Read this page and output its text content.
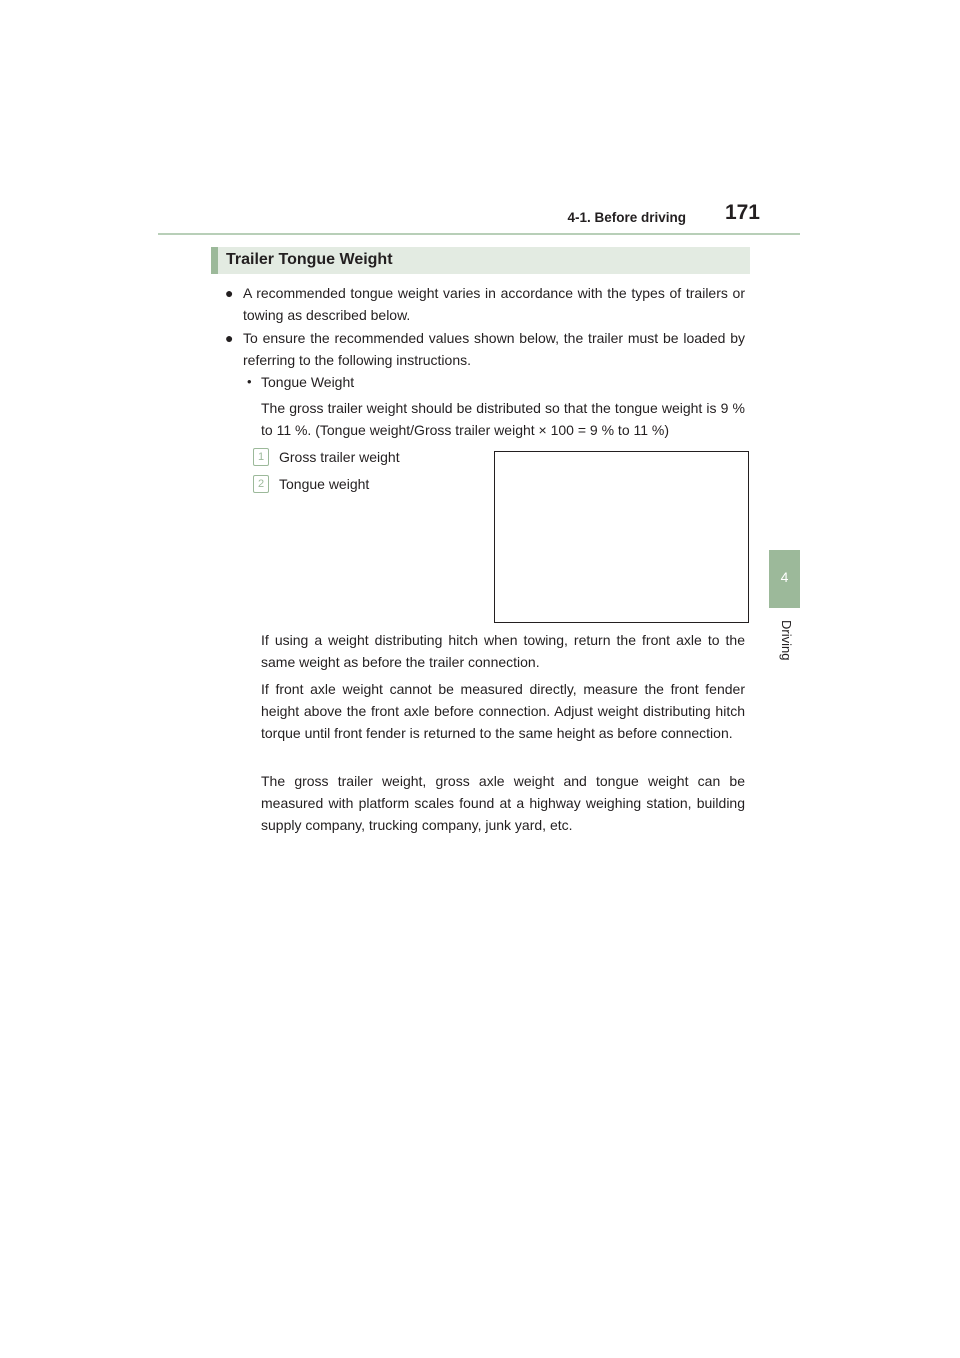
4-1. Before driving 171
4
Driving
Trailer Tongue Weight
● A recommended tongue weight varies in accordance with the types of trailers or towing as described below.
● To ensure the recommended values shown below, the trailer must be loaded by referring to the following instructions.
• Tongue Weight
The gross trailer weight should be distributed so that the tongue weight is 9 % to 11 %. (Tongue weight/Gross trailer weight × 100 = 9 % to 11 %)
1	Gross trailer weight
2	Tongue weight
If using a weight distributing hitch when towing, return the front axle to the same weight as before the trailer connection.
If front axle weight cannot be measured directly, measure the front fender height above the front axle before connection. Adjust weight distributing hitch torque until front fender is returned to the same height as before connection.
The gross trailer weight, gross axle weight and tongue weight can be measured with platform scales found at a highway weighing station, building supply company, trucking company, junk yard, etc.
